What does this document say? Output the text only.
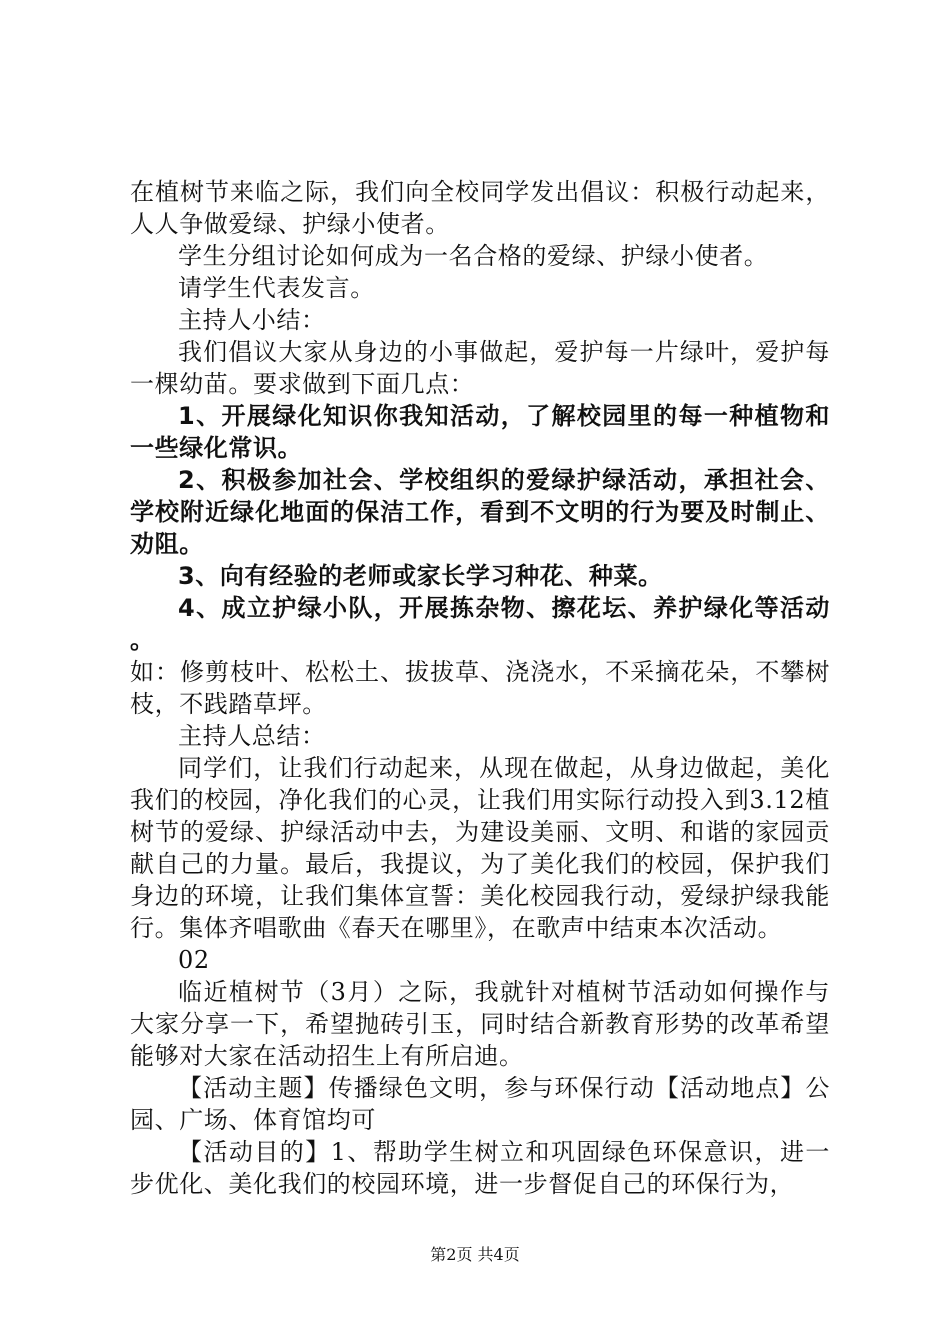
在植树节来临之际，我们向全校同学发出倡议：积极行动起来，人人争做爱绿、护绿小使者。

学生分组讨论如何成为一名合格的爱绿、护绿小使者。

请学生代表发言。

主持人小结：

我们倡议大家从身边的小事做起，爱护每一片绿叶，爱护每一棵幼苗。要求做到下面几点：

1、开展绿化知识你我知活动，了解校园里的每一种植物和一些绿化常识。

2、积极参加社会、学校组织的爱绿护绿活动，承担社会、学校附近绿化地面的保洁工作，看到不文明的行为要及时制止、劝阻。

3、向有经验的老师或家长学习种花、种菜。

4、成立护绿小队，开展拣杂物、擦花坛、养护绿化等活动。

如：修剪枝叶、松松土、拔拔草、浇浇水，不采摘花朵，不攀树枝，不践踏草坪。

主持人总结：

同学们，让我们行动起来，从现在做起，从身边做起，美化我们的校园，净化我们的心灵，让我们用实际行动投入到3.12植树节的爱绿、护绿活动中去，为建设美丽、文明、和谐的家园贡献自己的力量。最后，我提议，为了美化我们的校园，保护我们身边的环境，让我们集体宣誓：美化校园我行动，爱绿护绿我能行。集体齐唱歌曲《春天在哪里》，在歌声中结束本次活动。

02

临近植树节（3月）之际，我就针对植树节活动如何操作与大家分享一下，希望抛砖引玉，同时结合新教育形势的改革希望能够对大家在活动招生上有所启迪。

【活动主题】传播绿色文明，参与环保行动【活动地点】公园、广场、体育馆均可

【活动目的】1、帮助学生树立和巩固绿色环保意识，进一步优化、美化我们的校园环境，进一步督促自己的环保行为，

第2页 共4页
